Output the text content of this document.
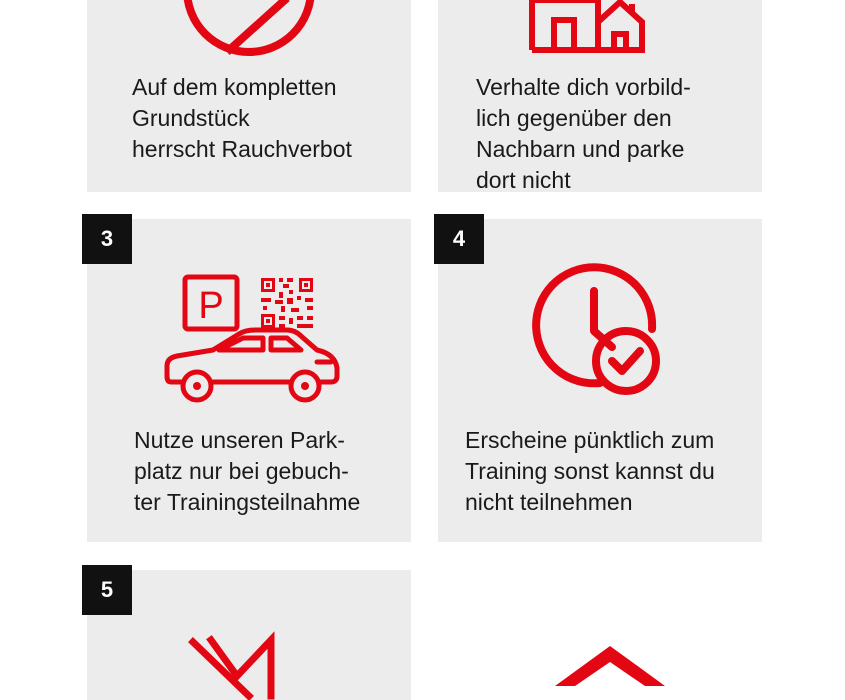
Auf dem kompletten
Grundstück
herrscht Rauchverbot

Verhalte dich vorbild-
lich gegenüber den
Nachbarn und parke
dort nicht

P

Nutze unseren Park-
platz nur bei gebuch-
ter Trainingsteilnahme

3

Erscheine pünktlich zum
Training sonst kannst du
nicht teilnehmen

4
5
